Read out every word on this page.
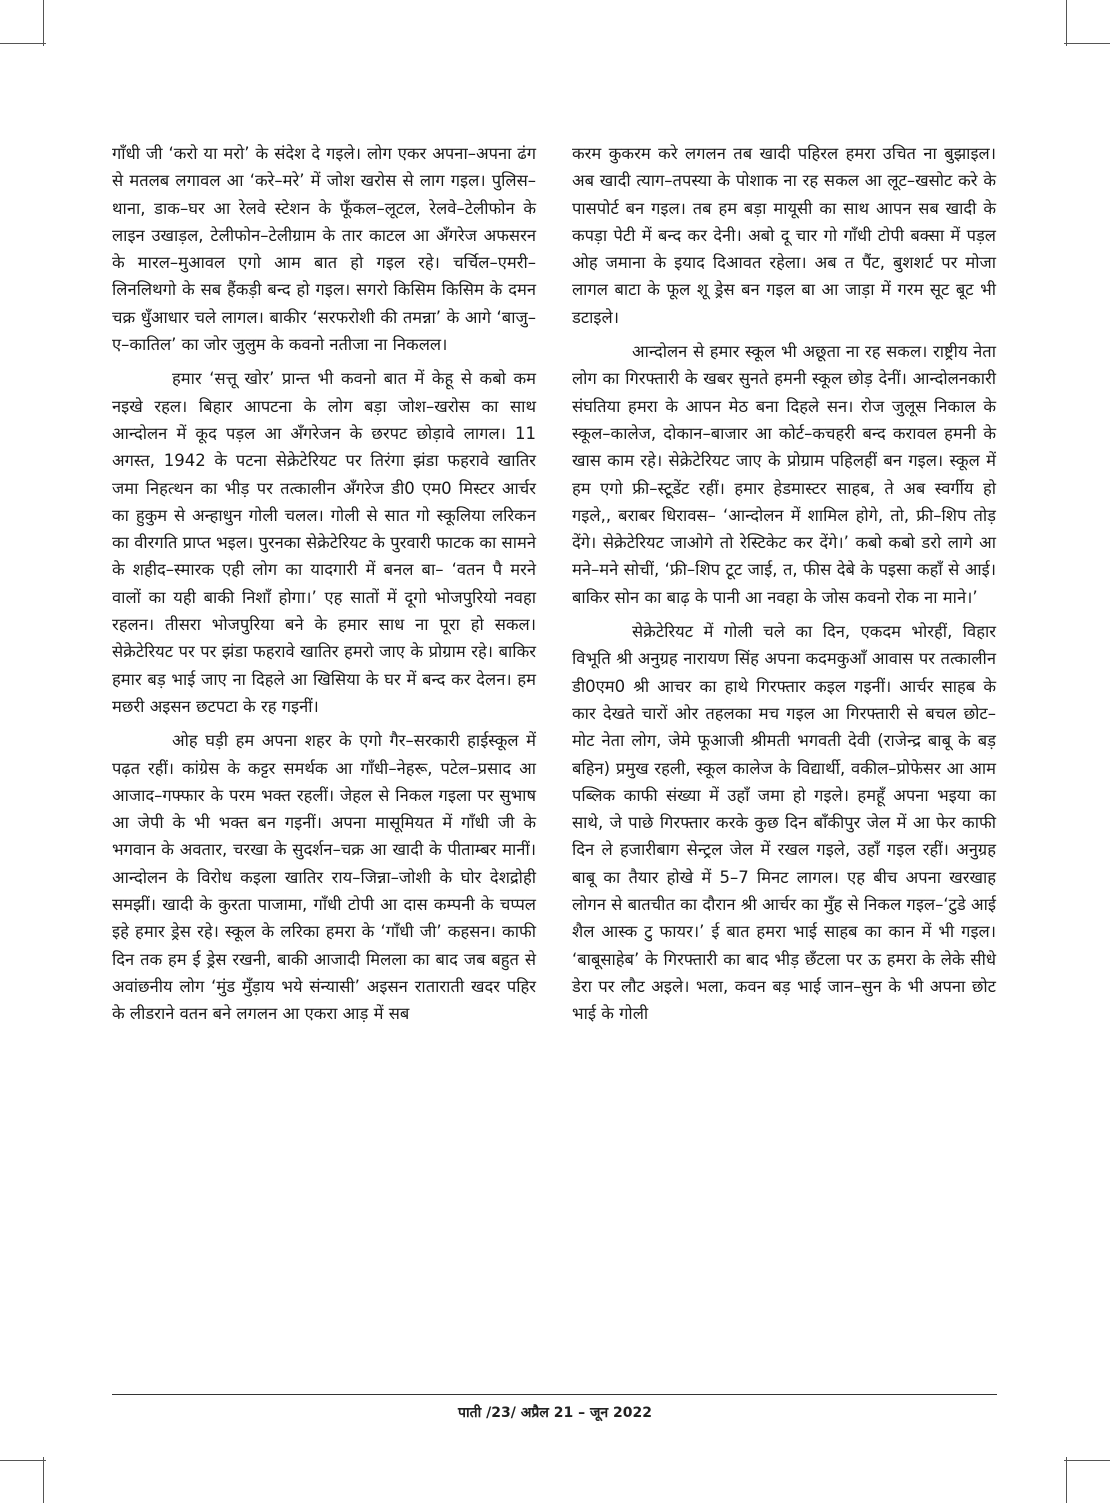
गाँधी जी ‘करो या मरो’ के संदेश दे गइले। लोग एकर अपना–अपना ढंग से मतलब लगावल आ ‘करे–मरे’ में जोश खरोस से लाग गइल। पुलिस–थाना, डाक–घर आ रेलवे स्टेशन के फूँकल–लूटल, रेलवे–टेलीफोन के लाइन उखाड़ल, टेलीफोन–टेलीग्राम के तार काटल आ अँगरेज अफसरन के मारल–मुआवल एगो आम बात हो गइल रहे। चर्चिल–एमरी–लिनलिथगो के सब हैंकड़ी बन्द हो गइल। सगरो किसिम किसिम के दमन चक्र धुँआधार चले लागल। बाकीर ‘सरफरोशी की तमन्ना’ के आगे ‘बाजु–ए–कातिल’ का जोर जुलुम के कवनो नतीजा ना निकलल।

हमार ‘सत्तू खोर’ प्रान्त भी कवनो बात में केहू से कबो कम नइखे रहल। बिहार आपटना के लोग बड़ा जोश–खरोस का साथ आन्दोलन में कूद पड़ल आ अँगरेजन के छरपट छोड़ावे लागल। 11 अगस्त, 1942 के पटना सेक्रेटेरियट पर तिरंगा झंडा फहरावे खातिर जमा निहत्थन का भीड़ पर तत्कालीन अँगरेज डी0 एम0 मिस्टर आर्चर का हुकुम से अन्हाधुन गोली चलल। गोली से सात गो स्कूलिया लरिकन का वीरगति प्राप्त भइल। पुरनका सेक्रेटेरियट के पुरवारी फाटक का सामने के शहीद–स्मारक एही लोग का यादगारी में बनल बा– ‘वतन पै मरने वालों का यही बाकी निशाँ होगा।’ एह सातों में दूगो भोजपुरियो नवहा रहलन। तीसरा भोजपुरिया बने के हमार साध ना पूरा हो सकल। सेक्रेटेरियट पर पर झंडा फहरावे खातिर हमरो जाए के प्रोग्राम रहे। बाकिर हमार बड़ भाई जाए ना दिहले आ खिसिया के घर में बन्द कर देलन। हम मछरी अइसन छटपटा के रह गइनीं।

ओह घड़ी हम अपना शहर के एगो गैर–सरकारी हाईस्कूल में पढ़त रहीं। कांग्रेस के कट्टर समर्थक आ गाँधी–नेहरू, पटेल–प्रसाद आ आजाद–गफ्फार के परम भक्त रहलीं। जेहल से निकल गइला पर सुभाष आ जेपी के भी भक्त बन गइनीं। अपना मासूमियत में गाँधी जी के भगवान के अवतार, चरखा के सुदर्शन–चक्र आ खादी के पीताम्बर मानीं। आन्दोलन के विरोध कइला खातिर राय–जिन्ना–जोशी के घोर देशद्रोही समझीं। खादी के कुरता पाजामा, गाँधी टोपी आ दास कम्पनी के चप्पल इहे हमार ड्रेस रहे। स्कूल के लरिका हमरा के ‘गाँधी जी’ कहसन। काफी दिन तक हम ई ड्रेस रखनी, बाकी आजादी मिलला का बाद जब बहुत से अवांछनीय लोग ‘मुंड मुँड़ाय भये संन्यासी’ अइसन राताराती खदर पहिर के लीडराने वतन बने लगलन आ एकरा आड़ में सब

करम कुकरम करे लगलन तब खादी पहिरल हमरा उचित ना बुझाइल। अब खादी त्याग–तपस्या के पोशाक ना रह सकल आ लूट–खसोट करे के पासपोर्ट बन गइल। तब हम बड़ा मायूसी का साथ आपन सब खादी के कपड़ा पेटी में बन्द कर देनी। अबो दू चार गो गाँधी टोपी बक्सा में पड़ल ओह जमाना के इयाद दिआवत रहेला। अब त पैंट, बुशशर्ट पर मोजा लागल बाटा के फूल शू ड्रेस बन गइल बा आ जाड़ा में गरम सूट बूट भी डटाइले।

आन्दोलन से हमार स्कूल भी अछूता ना रह सकल। राष्ट्रीय नेता लोग का गिरफ्तारी के खबर सुनते हमनी स्कूल छोड़ देनीं। आन्दोलनकारी संघतिया हमरा के आपन मेठ बना दिहले सन। रोज जुलूस निकाल के स्कूल–कालेज, दोकान–बाजार आ कोर्ट–कचहरी बन्द करावल हमनी के खास काम रहे। सेक्रेटेरियट जाए के प्रोग्राम पहिलहीं बन गइल। स्कूल में हम एगो फ्री–स्टूडेंट रहीं। हमार हेडमास्टर साहब, ते अब स्वर्गीय हो गइले,, बराबर धिरावस– ‘आन्दोलन में शामिल होगे, तो, फ्री–शिप तोड़ देंगे। सेक्रेटेरियट जाओगे तो रेस्टिकेट कर देंगे।’ कबो कबो डरो लागे आ मने–मने सोचीं, ‘फ्री–शिप टूट जाई, त, फीस देबे के पइसा कहाँ से आई। बाकिर सोन का बाढ़ के पानी आ नवहा के जोस कवनो रोक ना माने।’

सेक्रेटेरियट में गोली चले का दिन, एकदम भोरहीं, विहार विभूति श्री अनुग्रह नारायण सिंह अपना कदमकुआँ आवास पर तत्कालीन डी0एम0 श्री आचर का हाथे गिरफ्तार कइल गइनीं। आर्चर साहब के कार देखते चारों ओर तहलका मच गइल आ गिरफ्तारी से बचल छोट–मोट नेता लोग, जेमे फूआजी श्रीमती भगवती देवी (राजेन्द्र बाबू के बड़ बहिन) प्रमुख रहली, स्कूल कालेज के विद्यार्थी, वकील–प्रोफेसर आ आम पब्लिक काफी संख्या में उहाँ जमा हो गइले। हमहूँ अपना भइया का साथे, जे पाछे गिरफ्तार करके कुछ दिन बाँकीपुर जेल में आ फेर काफी दिन ले हजारीबाग सेन्ट्रल जेल में रखल गइले, उहाँ गइल रहीं। अनुग्रह बाबू का तैयार होखे में 5–7 मिनट लागल। एह बीच अपना खरखाह लोगन से बातचीत का दौरान श्री आर्चर का मुँह से निकल गइल–‘टुडे आई शैल आस्क टु फायर।’ ई बात हमरा भाई साहब का कान में भी गइल। ‘बाबूसाहेब’ के गिरफ्तारी का बाद भीड़ छँटला पर ऊ हमरा के लेके सीधे डेरा पर लौट अइले। भला, कवन बड़ भाई जान–सुन के भी अपना छोट भाई के गोली

पाती /23/ अप्रैल 21 – जून 2022
